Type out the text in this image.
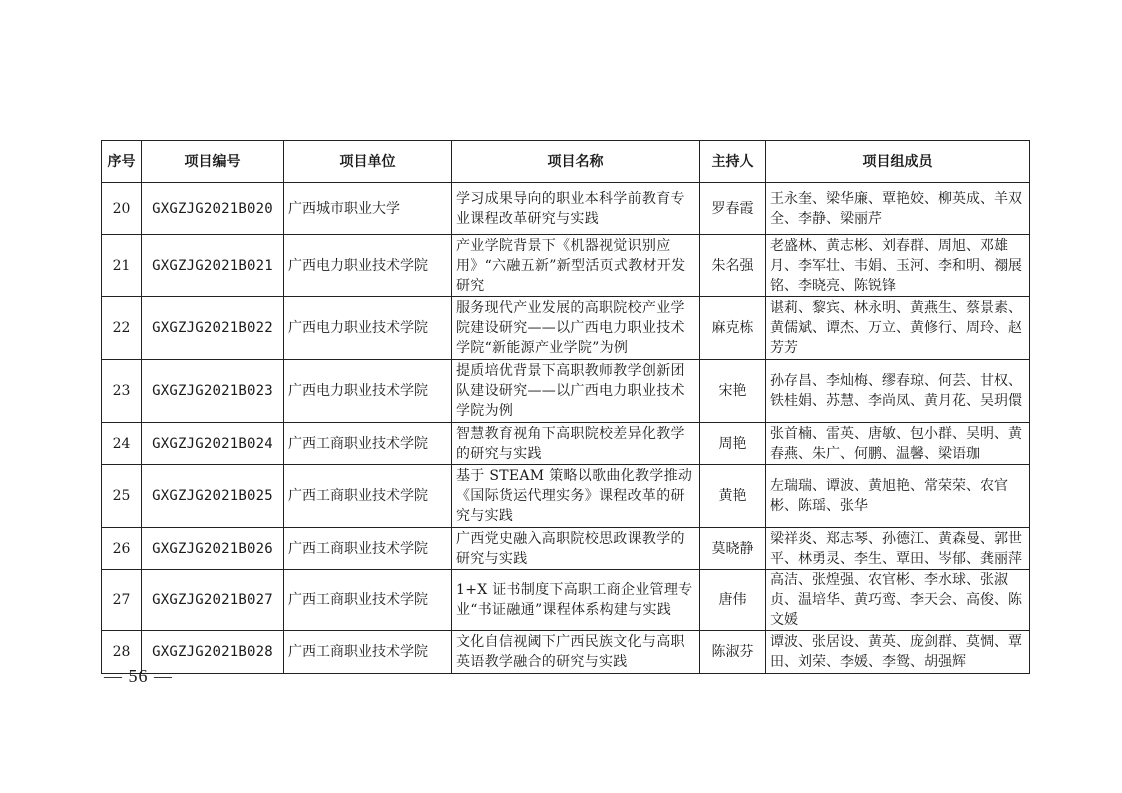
序号	项目编号	项目单位	项目名称	主持人	项目组成员
20	GXGZJG2021B020	广西城市职业大学	学习成果导向的职业本科学前教育专业课程改革研究与实践	罗春霞	王永奎、梁华廉、覃艳姣、柳英成、羊双全、李静、梁丽芹
21	GXGZJG2021B021	广西电力职业技术学院	产业学院背景下《机器视觉识别应用》“六融五新”新型活页式教材开发研究	朱名强	老盛林、黄志彬、刘春群、周旭、邓雄月、李军壮、韦娟、玉河、李和明、禤展铭、李晓亮、陈锐锋
22	GXGZJG2021B022	广西电力职业技术学院	服务现代产业发展的高职院校产业学院建设研究——以广西电力职业技术学院“新能源产业学院”为例	麻克栋	谌莉、黎宾、林永明、黄燕生、蔡景素、黄儒斌、谭杰、万立、黄修行、周玲、赵芳芳
23	GXGZJG2021B023	广西电力职业技术学院	提质培优背景下高职教师教学创新团队建设研究——以广西电力职业技术学院为例	宋艳	孙存昌、李灿梅、缪春琼、何芸、甘权、铁桂娟、苏慧、李尚凤、黄月花、吴玥儇
24	GXGZJG2021B024	广西工商职业技术学院	智慧教育视角下高职院校差异化教学的研究与实践	周艳	张首楠、雷英、唐敏、包小群、吴明、黄春燕、朱广、何鹏、温馨、梁语珈
25	GXGZJG2021B025	广西工商职业技术学院	基于 STEAM 策略以歌曲化教学推动《国际货运代理实务》课程改革的研究与实践	黄艳	左瑞瑞、谭波、黄旭艳、常荣荣、农官彬、陈瑶、张华
26	GXGZJG2021B026	广西工商职业技术学院	广西党史融入高职院校思政课教学的研究与实践	莫晓静	梁祥炎、郑志琴、孙德江、黄森曼、郭世平、林勇灵、李生、覃田、岑郁、龚丽萍
27	GXGZJG2021B027	广西工商职业技术学院	1+X 证书制度下高职工商企业管理专业“书证融通”课程体系构建与实践	唐伟	高洁、张煌强、农官彬、李水球、张淑贞、温培华、黄巧鸾、李天会、高俊、陈文媛
28	GXGZJG2021B028	广西工商职业技术学院	文化自信视阈下广西民族文化与高职英语教学融合的研究与实践	陈淑芬	谭波、张居设、黄英、庞剑群、莫惆、覃田、刘荣、李媛、李鸳、胡强辉
— 56 —
